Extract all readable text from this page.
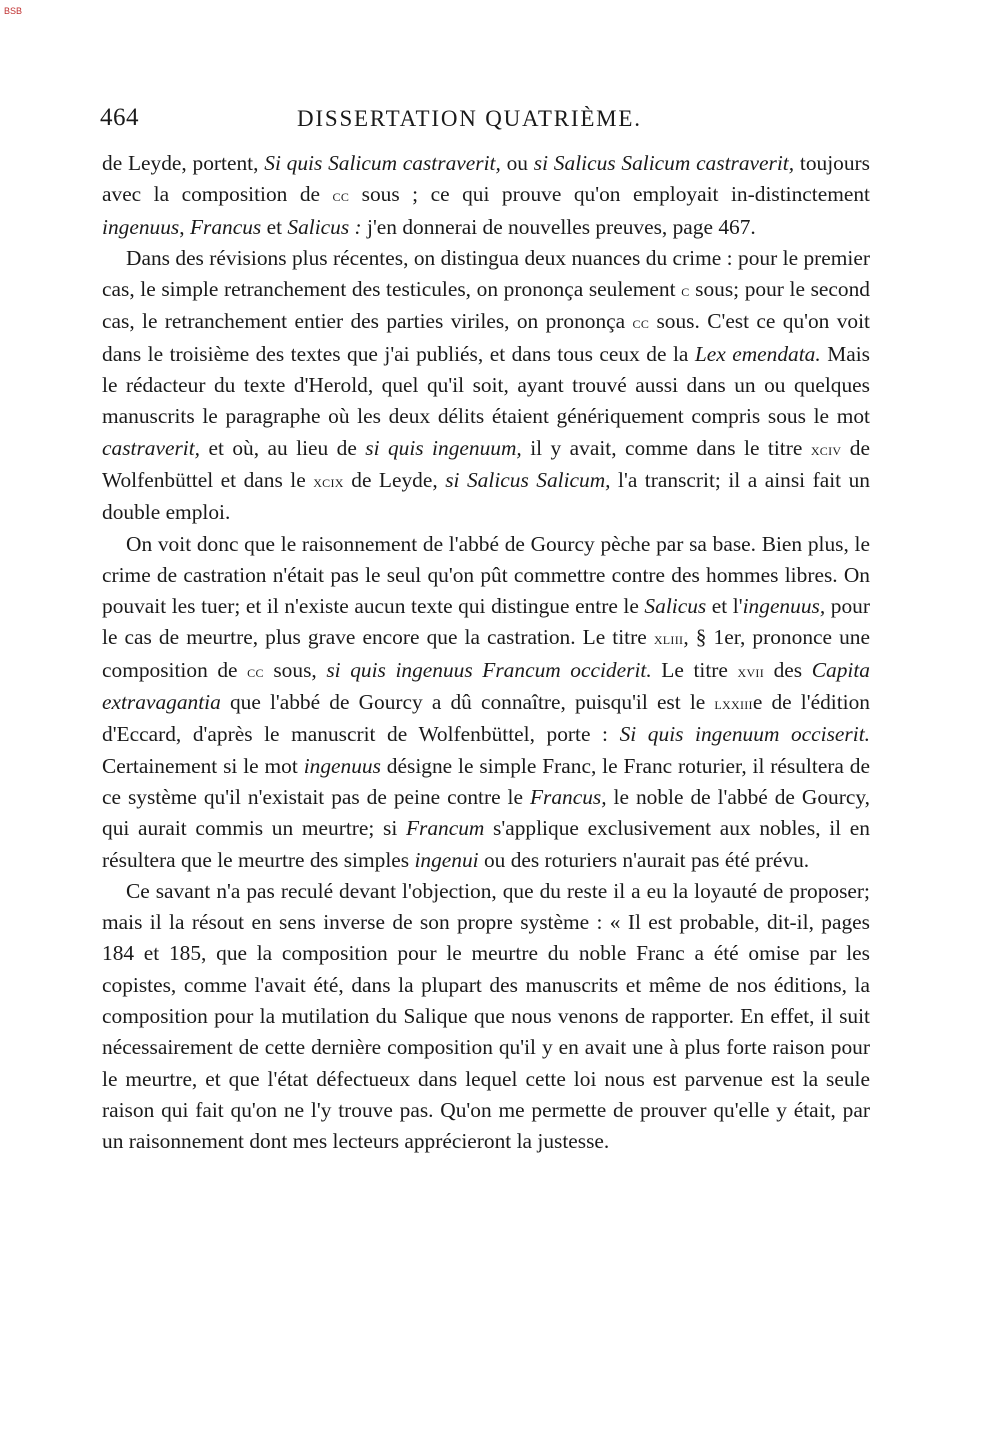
BSB
464	DISSERTATION QUATRIÈME.

de Leyde, portent, Si quis Salicum castraverit, ou si Salicus Salicum castraverit, toujours avec la composition de cc sous ; ce qui prouve qu'on employait in-distinctement ingenuus, Francus et Salicus : j'en donnerai de nouvelles preuves, page 467.

Dans des révisions plus récentes, on distingua deux nuances du crime : pour le premier cas, le simple retranchement des testicules, on prononça seulement c sous; pour le second cas, le retranchement entier des parties viriles, on prononça cc sous. C'est ce qu'on voit dans le troisième des textes que j'ai publiés, et dans tous ceux de la Lex emendata. Mais le rédacteur du texte d'Herold, quel qu'il soit, ayant trouvé aussi dans un ou quelques manuscrits le paragraphe où les deux délits étaient génériquement compris sous le mot castraverit, et où, au lieu de si quis ingenuum, il y avait, comme dans le titre xciv de Wolfenbüttel et dans le xcix de Leyde, si Salicus Salicum, l'a transcrit; il a ainsi fait un double emploi.

On voit donc que le raisonnement de l'abbé de Gourcy pèche par sa base. Bien plus, le crime de castration n'était pas le seul qu'on pût commettre contre des hommes libres. On pouvait les tuer; et il n'existe aucun texte qui distingue entre le Salicus et l'ingenuus, pour le cas de meurtre, plus grave encore que la castration. Le titre xliii, § 1er, prononce une composition de cc sous, si quis ingenuus Francum occiderit. Le titre xvii des Capita extravagantia que l'abbé de Gourcy a dû connaître, puisqu'il est le lxxiiie de l'édition d'Eccard, d'après le manuscrit de Wolfenbüttel, porte : Si quis ingenuum occiserit. Certainement si le mot ingenuus désigne le simple Franc, le Franc roturier, il résultera de ce système qu'il n'existait pas de peine contre le Francus, le noble de l'abbé de Gourcy, qui aurait commis un meurtre; si Francum s'applique exclusivement aux nobles, il en résultera que le meurtre des simples ingenui ou des roturiers n'aurait pas été prévu.

Ce savant n'a pas reculé devant l'objection, que du reste il a eu la loyauté de proposer; mais il la résout en sens inverse de son propre système : « Il est probable, dit-il, pages 184 et 185, que la composition pour le meurtre du noble Franc a été omise par les copistes, comme l'avait été, dans la plupart des manuscrits et même de nos éditions, la composition pour la mutilation du Salique que nous venons de rapporter. En effet, il suit nécessairement de cette dernière composition qu'il y en avait une à plus forte raison pour le meurtre, et que l'état défectueux dans lequel cette loi nous est parvenue est la seule raison qui fait qu'on ne l'y trouve pas. Qu'on me permette de prouver qu'elle y était, par un raisonnement dont mes lecteurs apprécieront la justesse.
